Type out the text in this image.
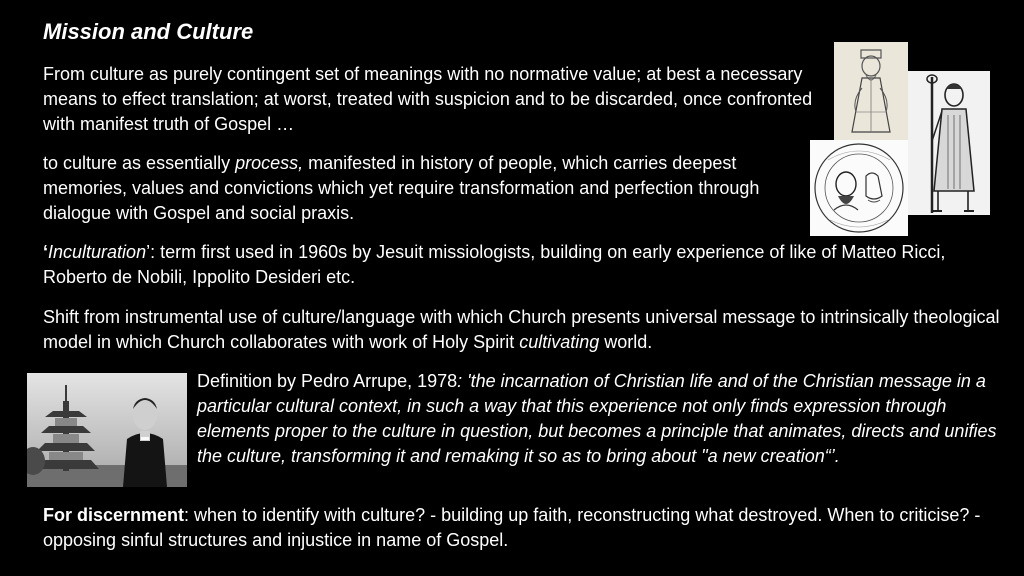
Mission and Culture
From culture as purely contingent set of meanings with no normative value; at best a necessary means to effect translation; at worst, treated with suspicion and to be discarded, once confronted with manifest truth of Gospel …
to culture as essentially process, manifested in history of people, which carries deepest memories, values and convictions which yet require transformation and perfection through dialogue with Gospel and social praxis.
‘Inculturation’: term first used in 1960s by Jesuit missiologists, building on early experience of like of Matteo Ricci, Roberto de Nobili, Ippolito Desideri etc.
Shift from instrumental use of culture/language with which Church presents universal message to intrinsically theological model in which Church collaborates with work of Holy Spirit cultivating world.
Definition by Pedro Arrupe, 1978: 'the incarnation of Christian life and of the Christian message in a particular cultural context, in such a way that this experience not only finds expression through elements proper to the culture in question, but becomes a principle that animates, directs and unifies the culture, transforming it and remaking it so as to bring about "a new creation“’.
For discernment: when to identify with culture? - building up faith, reconstructing what destroyed. When to criticise? - opposing sinful structures and injustice in name of Gospel.
